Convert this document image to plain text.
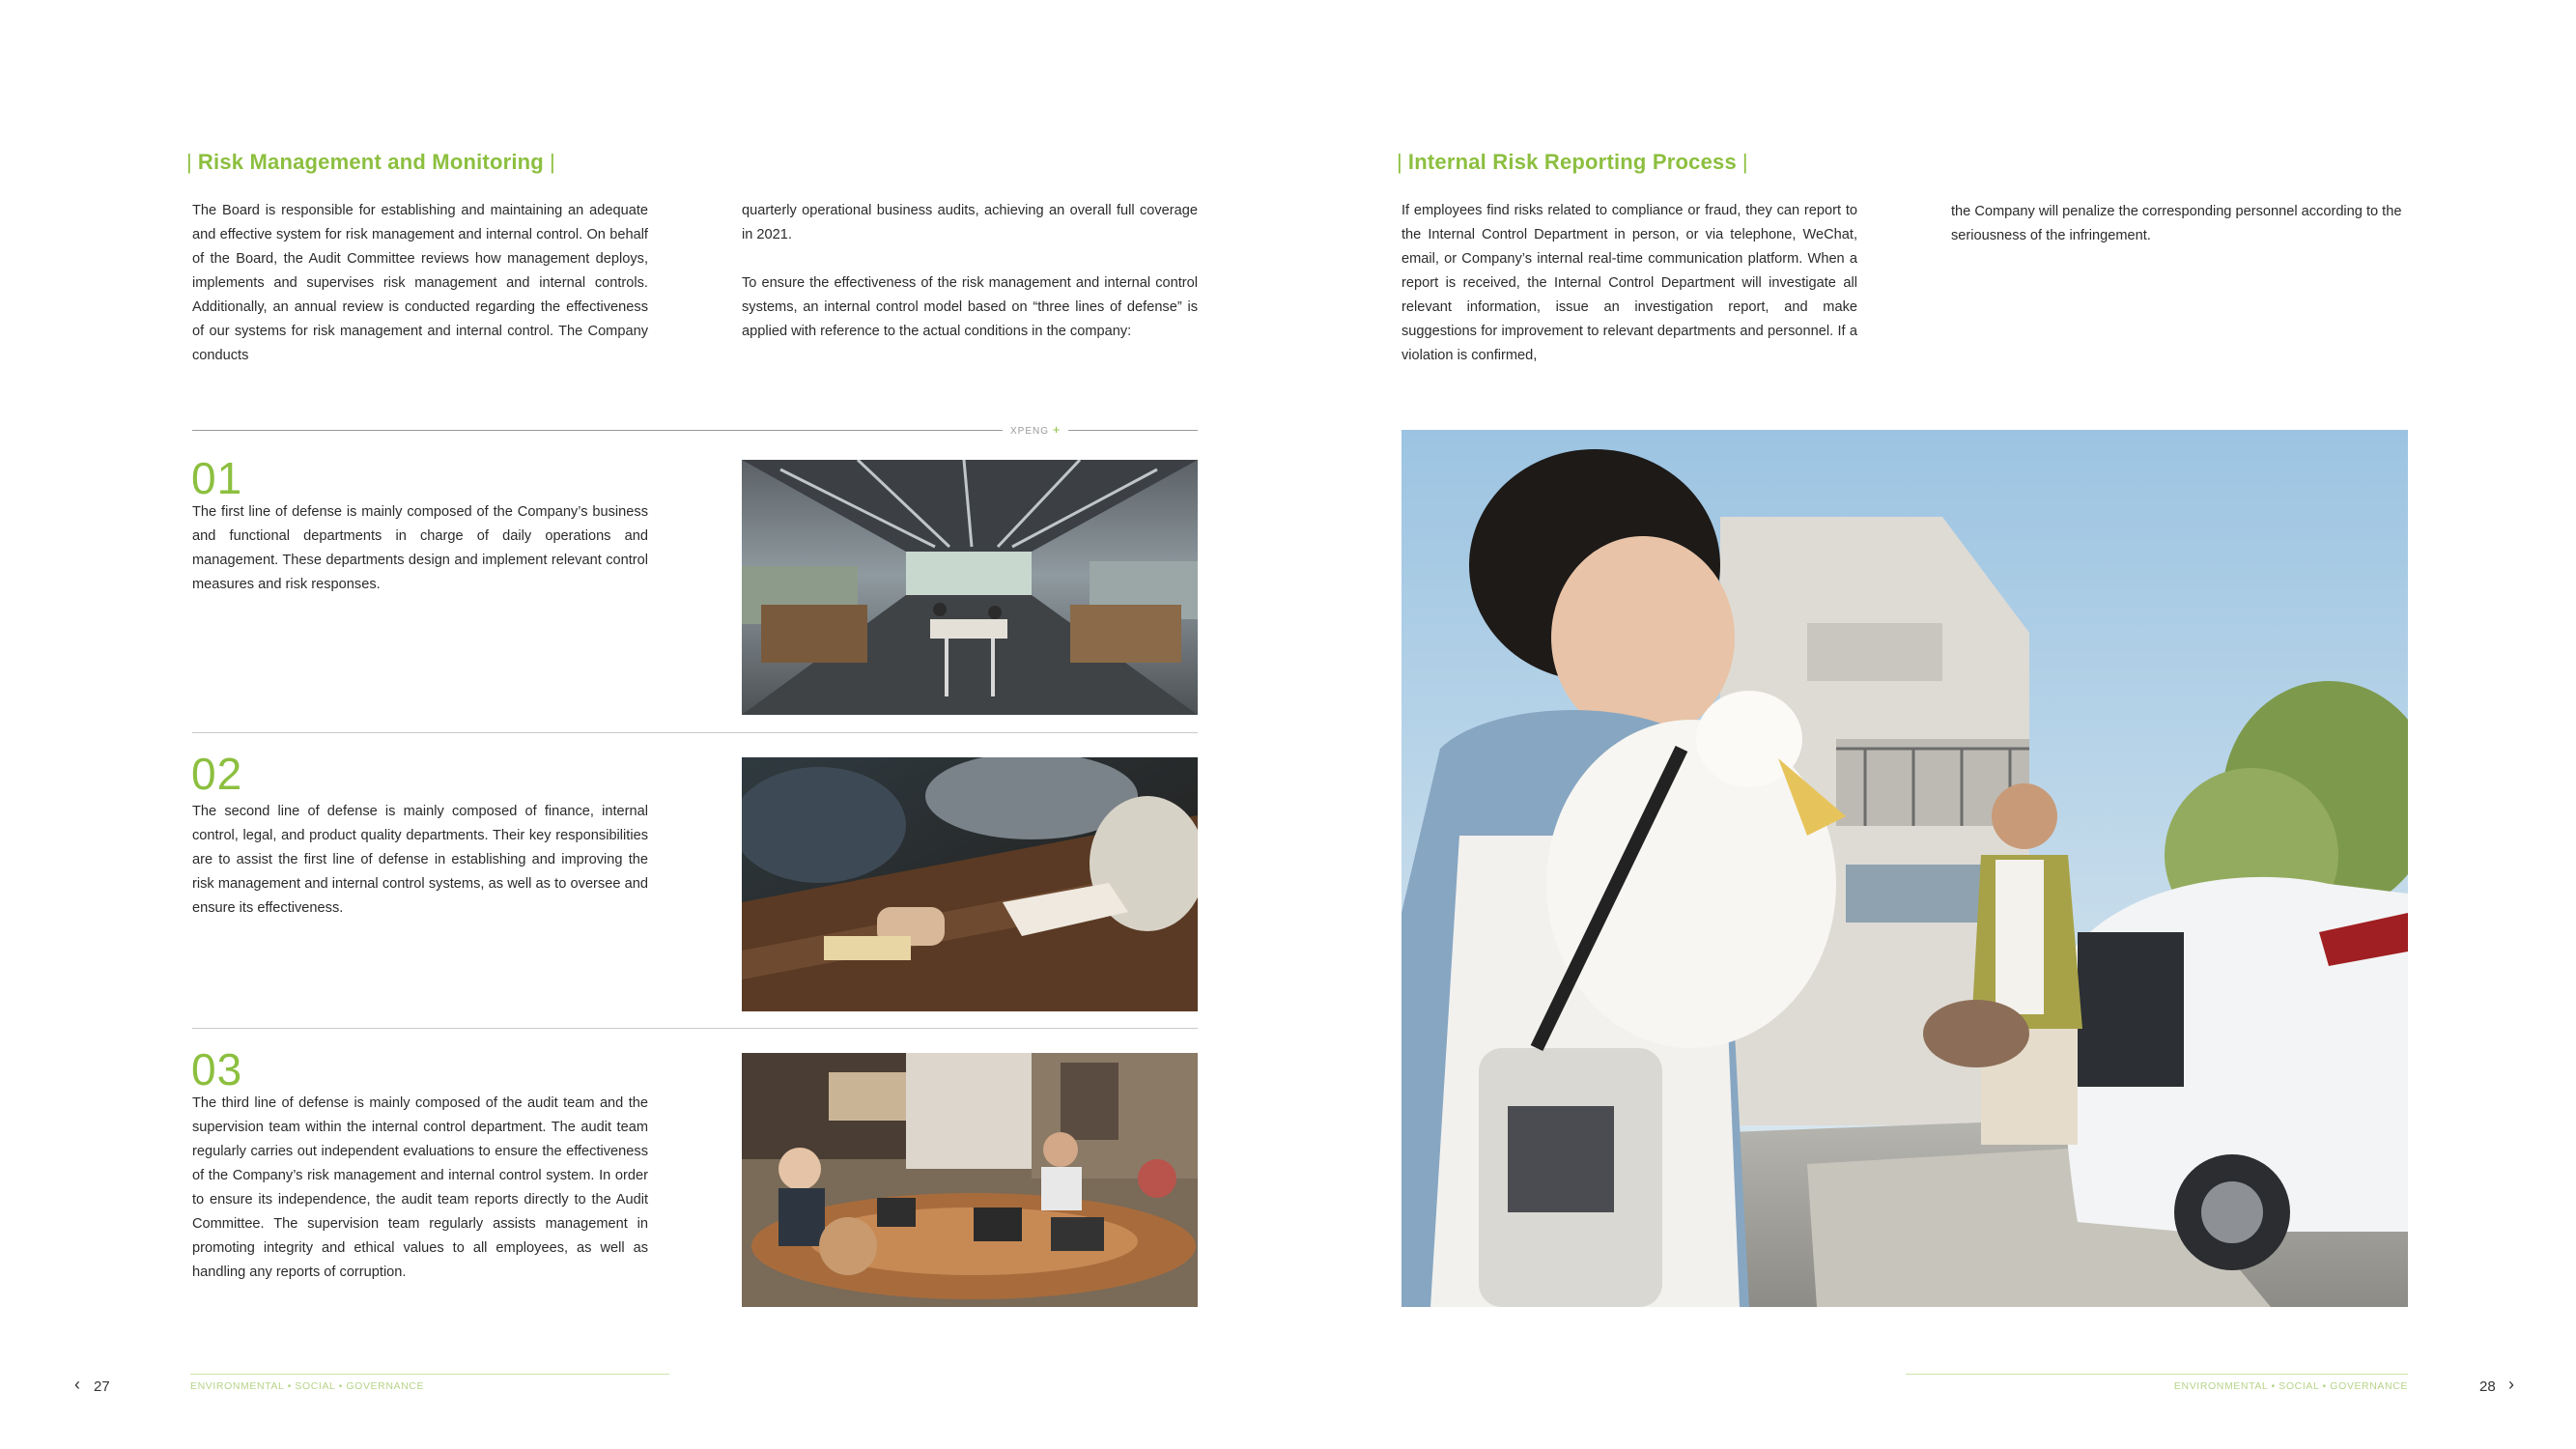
| Risk Management and Monitoring |

The Board is responsible for establishing and maintaining an adequate and effective system for risk management and internal control. On behalf of the Board, the Audit Committee reviews how management deploys, implements and supervises risk management and internal controls. Additionally, an annual review is conducted regarding the effectiveness of our systems for risk management and internal control. The Company conducts

quarterly operational business audits, achieving an overall full coverage in 2021.

To ensure the effectiveness of the risk management and internal control systems, an internal control model based on “three lines of defense” is applied with reference to the actual conditions in the company:

XPENG +
01

The first line of defense is mainly composed of the Company’s business and functional departments in charge of daily operations and management. These departments design and implement relevant control measures and risk responses.

02

The second line of defense is mainly composed of finance, internal control, legal, and product quality departments. Their key responsibilities are to assist the first line of defense in establishing and improving the risk management and internal control systems, as well as to oversee and ensure its effectiveness.

03

The third line of defense is mainly composed of the audit team and the supervision team within the internal control department. The audit team regularly carries out independent evaluations to ensure the effectiveness of the Company’s risk management and internal control system. In order to ensure its independence, the audit team reports directly to the Audit Committee. The supervision team regularly assists management in promoting integrity and ethical values to all employees, as well as handling any reports of corruption.

‹ 27	ENVIRONMENTAL • SOCIAL • GOVERNANCE
| Internal Risk Reporting Process |

If employees find risks related to compliance or fraud, they can report to the Internal Control Department in person, or via telephone, WeChat, email, or Company’s internal real-time communication platform. When a report is received, the Internal Control Department will investigate all relevant information, issue an investigation report, and make suggestions for improvement to relevant departments and personnel. If a violation is confirmed,

the Company will penalize the corresponding personnel according to the seriousness of the infringement.

ENVIRONMENTAL • SOCIAL • GOVERNANCE	28 ›
